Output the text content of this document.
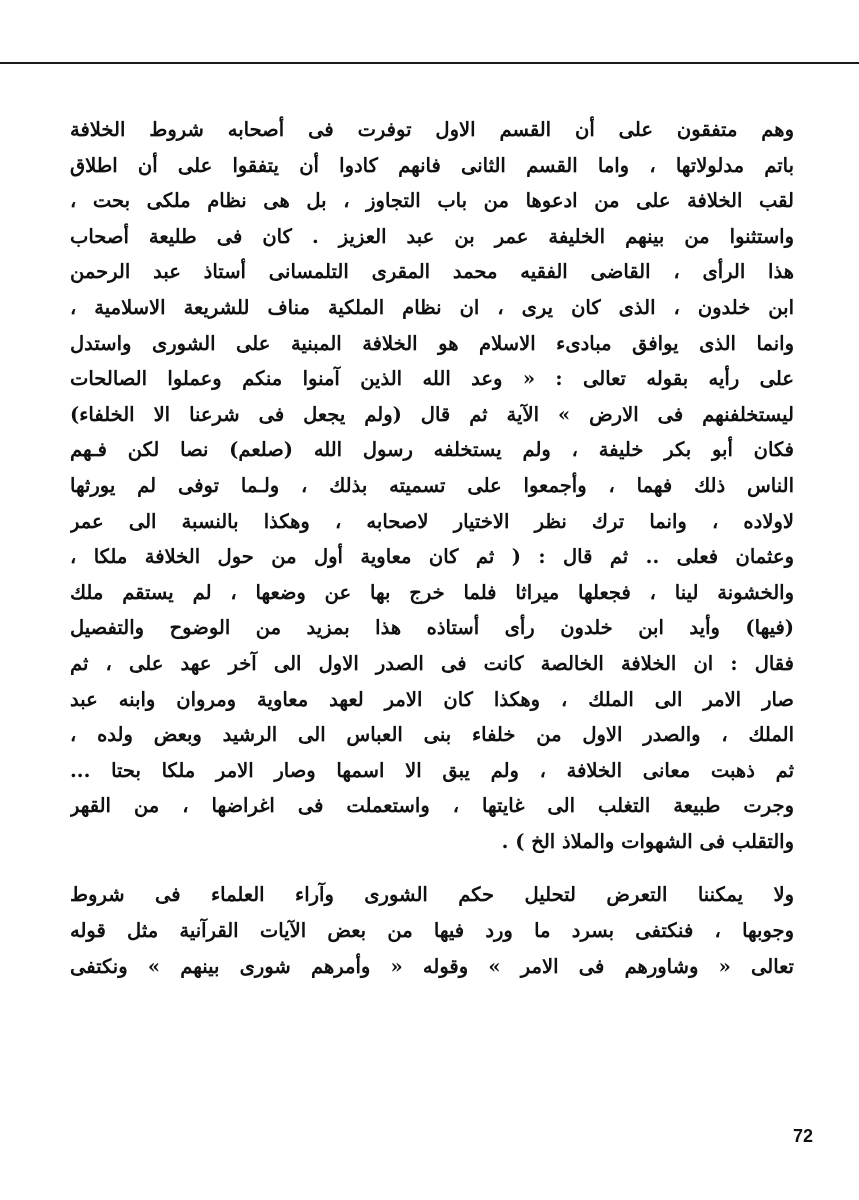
وهم متفقون على أن القسم الاول توفرت فى أصحابه شروط الخلافة
باتم مدلولاتها ، واما القسم الثانى فانهم كادوا أن يتفقوا على أن اطلاق
لقب الخلافة على من ادعوها من باب التجاوز ، بل هى نظام ملكى بحت ،
واستثنوا من بينهم الخليفة عمر بن عبد العزيز . كان فى طليعة أصحاب
هذا الرأى ، القاضى الفقيه محمد المقرى التلمسانى أستاذ عبد الرحمن
ابن خلدون ، الذى كان يرى ، ان نظام الملكية مناف للشريعة الاسلامية ،
وانما الذى يوافق مبادىء الاسلام هو الخلافة المبنية على الشورى واستدل
على رأيه بقوله تعالى : « وعد الله الذين آمنوا منكم وعملوا الصالحات
ليستخلفنهم فى الارض » الآية ثم قال (ولم يجعل فى شرعنا الا الخلفاء)
فكان أبو بكر خليفة ، ولم يستخلفه رسول الله (صلعم) نصا لكن فـهم
الناس ذلك فهما ، وأجمعوا على تسميته بذلك ، ولـما توفى لم يورثها
لاولاده ، وانما ترك نظر الاختيار لاصحابه ، وهكذا بالنسبة الى عمر
وعثمان فعلى .. ثم قال : ( ثم كان معاوية أول من حول الخلافة ملكا ،
والخشونة لينا ، فجعلها ميراثا فلما خرج بها عن وضعها ، لم يستقم ملك
(فيها) وأيد ابن خلدون رأى أستاذه هذا بمزيد من الوضوح والتفصيل
فقال : ان الخلافة الخالصة كانت فى الصدر الاول الى آخر عهد على ، ثم
صار الامر الى الملك ، وهكذا كان الامر لعهد معاوية ومروان وابنه عبد
الملك ، والصدر الاول من خلفاء بنى العباس الى الرشيد وبعض ولده ،
ثم ذهبت معانى الخلافة ، ولم يبق الا اسمها وصار الامر ملكا بحتا ...
وجرت طبيعة التغلب الى غايتها ، واستعملت فى اغراضها ، من القهر
والتقلب فى الشهوات والملاذ الخ ) .
ولا يمكننا التعرض لتحليل حكم الشورى وآراء العلماء فى شروط
وجوبها ، فنكتفى بسرد ما ورد فيها من بعض الآيات القرآنية مثل قوله
تعالى « وشاورهم فى الامر » وقوله « وأمرهم شورى بينهم » ونكتفى
72
